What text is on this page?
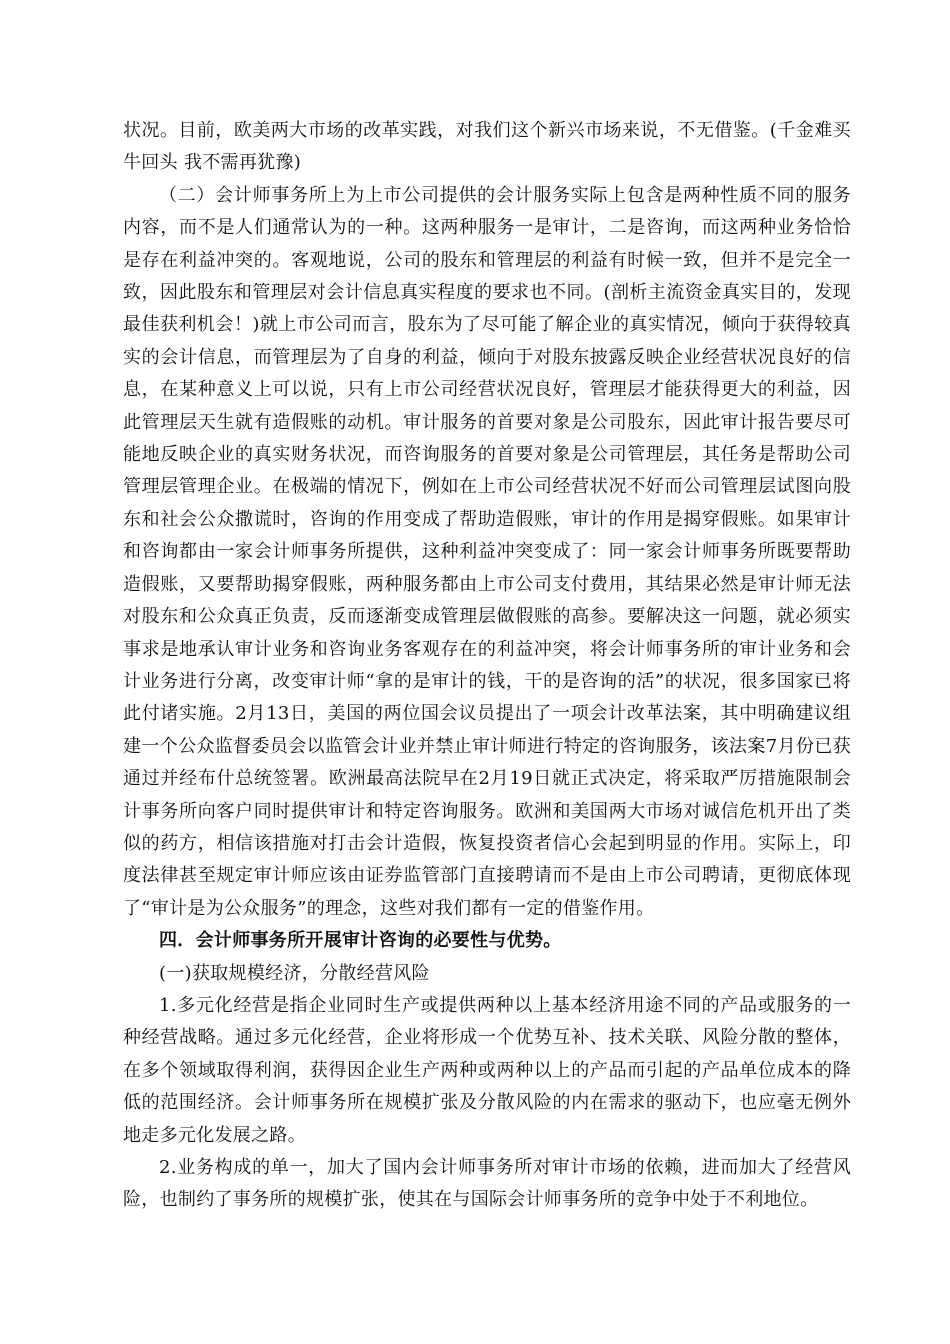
状况。目前，欧美两大市场的改革实践，对我们这个新兴市场来说，不无借鉴。(千金难买牛回头 我不需再犹豫)

（二）会计师事务所上为上市公司提供的会计服务实际上包含是两种性质不同的服务内容，而不是人们通常认为的一种。这两种服务一是审计，二是咨询，而这两种业务恰恰是存在利益冲突的。客观地说，公司的股东和管理层的利益有时候一致，但并不是完全一致，因此股东和管理层对会计信息真实程度的要求也不同。(剖析主流资金真实目的，发现最佳获利机会！)就上市公司而言，股东为了尽可能了解企业的真实情况，倾向于获得较真实的会计信息，而管理层为了自身的利益，倾向于对股东披露反映企业经营状况良好的信息，在某种意义上可以说，只有上市公司经营状况良好，管理层才能获得更大的利益，因此管理层天生就有造假账的动机。审计服务的首要对象是公司股东，因此审计报告要尽可能地反映企业的真实财务状况，而咨询服务的首要对象是公司管理层，其任务是帮助公司管理层管理企业。在极端的情况下，例如在上市公司经营状况不好而公司管理层试图向股东和社会公众撒谎时，咨询的作用变成了帮助造假账，审计的作用是揭穿假账。如果审计和咨询都由一家会计师事务所提供，这种利益冲突变成了：同一家会计师事务所既要帮助造假账，又要帮助揭穿假账，两种服务都由上市公司支付费用，其结果必然是审计师无法对股东和公众真正负责，反而逐渐变成管理层做假账的高参。要解决这一问题，就必须实事求是地承认审计业务和咨询业务客观存在的利益冲突，将会计师事务所的审计业务和会计业务进行分离，改变审计师“拿的是审计的钱，干的是咨询的活”的状况，很多国家已将此付诸实施。2月13日，美国的两位国会议员提出了一项会计改革法案，其中明确建议组建一个公众监督委员会以监管会计业并禁止审计师进行特定的咨询服务，该法案7月份已获通过并经布什总统签署。欧洲最高法院早在2月19日就正式决定，将采取严厉措施限制会计事务所向客户同时提供审计和特定咨询服务。欧洲和美国两大市场对诚信危机开出了类似的药方，相信该措施对打击会计造假，恢复投资者信心会起到明显的作用。实际上，印度法律甚至规定审计师应该由证券监管部门直接聘请而不是由上市公司聘请，更彻底体现了“审计是为公众服务”的理念，这些对我们都有一定的借鉴作用。

四．会计师事务所开展审计咨询的必要性与优势。

(一)获取规模经济，分散经营风险

1.多元化经营是指企业同时生产或提供两种以上基本经济用途不同的产品或服务的一种经营战略。通过多元化经营，企业将形成一个优势互补、技术关联、风险分散的整体，在多个领域取得利润，获得因企业生产两种或两种以上的产品而引起的产品单位成本的降低的范围经济。会计师事务所在规模扩张及分散风险的内在需求的驱动下，也应毫无例外地走多元化发展之路。

2.业务构成的单一，加大了国内会计师事务所对审计市场的依赖，进而加大了经营风险，也制约了事务所的规模扩张，使其在与国际会计师事务所的竞争中处于不利地位。
